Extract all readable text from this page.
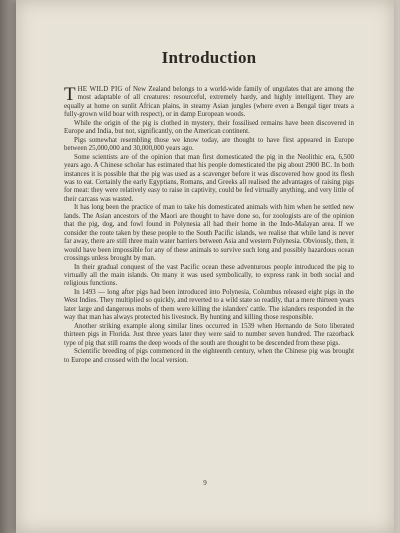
Introduction

THE WILD PIG of New Zealand belongs to a world-wide family of ungulates that are among the most adaptable of all creatures: resourceful, extremely hardy, and highly intelligent. They are equally at home on sunlit African plains, in steamy Asian jungles (where even a Bengal tiger treats a fully-grown wild boar with respect), or in damp European woods.

While the origin of the pig is clothed in mystery, their fossilised remains have been discovered in Europe and India, but not, significantly, on the American continent.

Pigs somewhat resembling those we know today, are thought to have first appeared in Europe between 25,000,000 and 30,000,000 years ago.

Some scientists are of the opinion that man first domesticated the pig in the Neolithic era, 6,500 years ago. A Chinese scholar has estimated that his people domesticated the pig about 2900 BC. In both instances it is possible that the pig was used as a scavenger before it was discovered how good its flesh was to eat. Certainly the early Egyptians, Romans, and Greeks all realised the advantages of raising pigs for meat: they were relatively easy to raise in captivity, could be fed virtually anything, and very little of their carcass was wasted.

It has long been the practice of man to take his domesticated animals with him when he settled new lands. The Asian ancestors of the Maori are thought to have done so, for zoologists are of the opinion that the pig, dog, and fowl found in Polynesia all had their home in the Indo-Malayan area. If we consider the route taken by these people to the South Pacific islands, we realise that while land is never far away, there are still three main water barriers between Asia and western Polynesia. Obviously, then, it would have been impossible for any of these animals to survive such long and possibly hazardous ocean crossings unless brought by man.

In their gradual conquest of the vast Pacific ocean these adventurous people introduced the pig to virtually all the main islands. On many it was used symbolically, to express rank in both social and religious functions.

In 1493 — long after pigs had been introduced into Polynesia, Columbus released eight pigs in the West Indies. They multiplied so quickly, and reverted to a wild state so readily, that a mere thirteen years later large and dangerous mobs of them were killing the islanders' cattle. The islanders responded in the way that man has always protected his livestock. By hunting and killing those responsible.

Another striking example along similar lines occurred in 1539 when Hernando de Soto liberated thirteen pigs in Florida. Just three years later they were said to number seven hundred. The razorback type of pig that still roams the deep woods of the south are thought to be descended from these pigs.

Scientific breeding of pigs commenced in the eighteenth century, when the Chinese pig was brought to Europe and crossed with the local version.

9
